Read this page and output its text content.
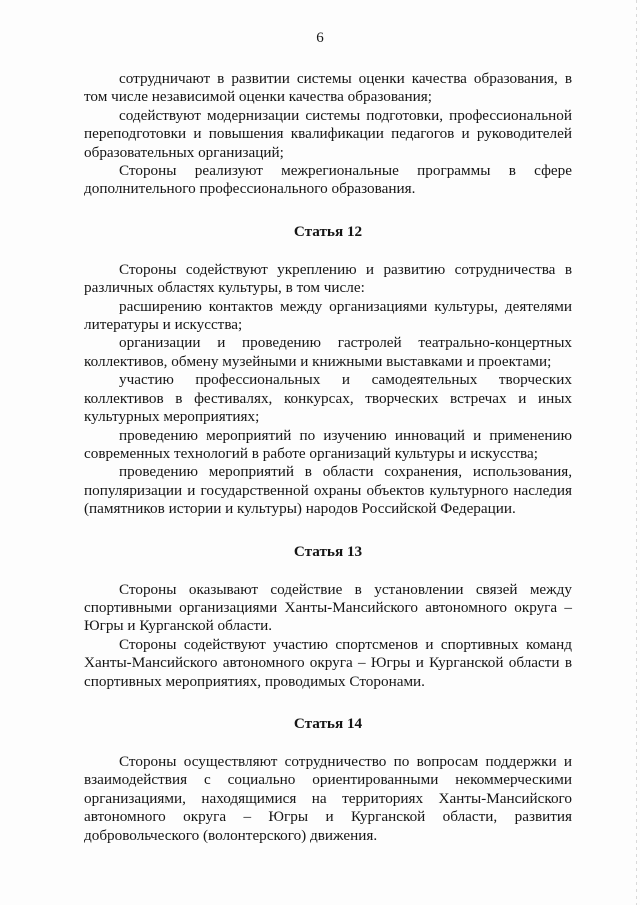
6

сотрудничают в развитии системы оценки качества образования, в том числе независимой оценки качества образования;

содействуют модернизации системы подготовки, профессиональной переподготовки и повышения квалификации педагогов и руководителей образовательных организаций;

Стороны реализуют межрегиональные программы в сфере дополнительного профессионального образования.

Статья 12

Стороны содействуют укреплению и развитию сотрудничества в различных областях культуры, в том числе:

расширению контактов между организациями культуры, деятелями литературы и искусства;

организации и проведению гастролей театрально-концертных коллективов, обмену музейными и книжными выставками и проектами;

участию профессиональных и самодеятельных творческих коллективов в фестивалях, конкурсах, творческих встречах и иных культурных мероприятиях;

проведению мероприятий по изучению инноваций и применению современных технологий в работе организаций культуры и искусства;

проведению мероприятий в области сохранения, использования, популяризации и государственной охраны объектов культурного наследия (памятников истории и культуры) народов Российской Федерации.

Статья 13

Стороны оказывают содействие в установлении связей между спортивными организациями Ханты-Мансийского автономного округа – Югры и Курганской области.

Стороны содействуют участию спортсменов и спортивных команд Ханты-Мансийского автономного округа – Югры и Курганской области в спортивных мероприятиях, проводимых Сторонами.

Статья 14

Стороны осуществляют сотрудничество по вопросам поддержки и взаимодействия с социально ориентированными некоммерческими организациями, находящимися на территориях Ханты-Мансийского автономного округа – Югры и Курганской области, развития добровольческого (волонтерского) движения.
